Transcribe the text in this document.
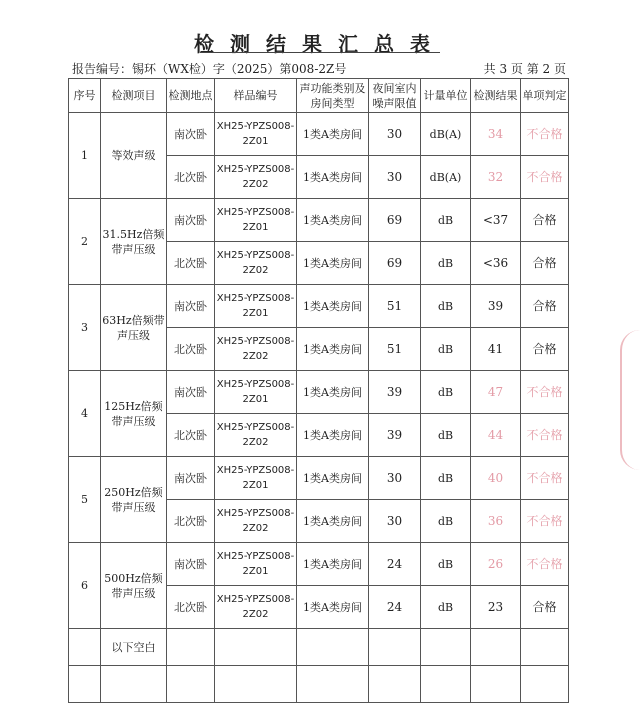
检测结果汇总表
报告编号：锡环（WX检）字（2025）第008-2Z号	共 3 页 第 2 页
序号	检测项目	检测地点	样品编号	声功能类别及房间类型	夜间室内噪声限值	计量单位	检测结果	单项判定
1	等效声级	南次卧	XH25-YPZS008-2Z01	1类A类房间	30	dB(A)	34	不合格
		北次卧	XH25-YPZS008-2Z02	1类A类房间	30	dB(A)	32	不合格
2	31.5Hz倍频带声压级	南次卧	XH25-YPZS008-2Z01	1类A类房间	69	dB	<37	合格
		北次卧	XH25-YPZS008-2Z02	1类A类房间	69	dB	<36	合格
3	63Hz倍频带声压级	南次卧	XH25-YPZS008-2Z01	1类A类房间	51	dB	39	合格
		北次卧	XH25-YPZS008-2Z02	1类A类房间	51	dB	41	合格
4	125Hz倍频带声压级	南次卧	XH25-YPZS008-2Z01	1类A类房间	39	dB	47	不合格
		北次卧	XH25-YPZS008-2Z02	1类A类房间	39	dB	44	不合格
5	250Hz倍频带声压级	南次卧	XH25-YPZS008-2Z01	1类A类房间	30	dB	40	不合格
		北次卧	XH25-YPZS008-2Z02	1类A类房间	30	dB	36	不合格
6	500Hz倍频带声压级	南次卧	XH25-YPZS008-2Z01	1类A类房间	24	dB	26	不合格
		北次卧	XH25-YPZS008-2Z02	1类A类房间	24	dB	23	合格
	以下空白							
